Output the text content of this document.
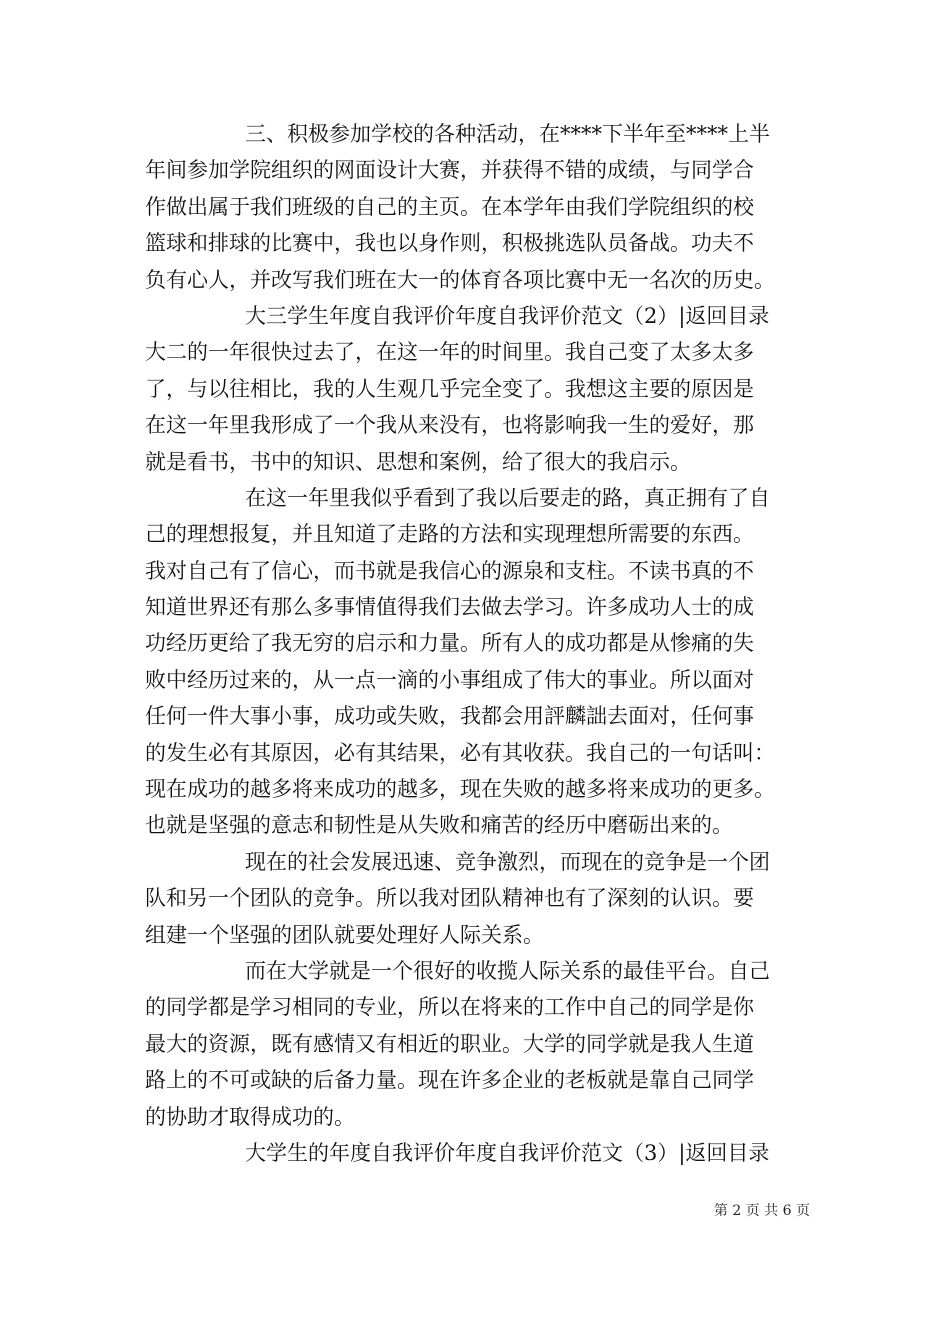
三、积极参加学校的各种活动，在****下半年至****上半
年间参加学院组织的网面设计大赛，并获得不错的成绩，与同学合
作做出属于我们班级的自己的主页。在本学年由我们学院组织的校
篮球和排球的比赛中，我也以身作则，积极挑选队员备战。功夫不
负有心人，并改写我们班在大一的体育各项比赛中无一名次的历史。
大三学生年度自我评价年度自我评价范文（2）|返回目录
大二的一年很快过去了，在这一年的时间里。我自己变了太多太多
了，与以往相比，我的人生观几乎完全变了。我想这主要的原因是
在这一年里我形成了一个我从来没有，也将影响我一生的爱好，那
就是看书，书中的知识、思想和案例，给了很大的我启示。
在这一年里我似乎看到了我以后要走的路，真正拥有了自
己的理想报复，并且知道了走路的方法和实现理想所需要的东西。
我对自己有了信心，而书就是我信心的源泉和支柱。不读书真的不
知道世界还有那么多事情值得我们去做去学习。许多成功人士的成
功经历更给了我无穷的启示和力量。所有人的成功都是从惨痛的失
败中经历过来的，从一点一滴的小事组成了伟大的事业。所以面对
任何一件大事小事，成功或失败，我都会用評麟詘去面对，任何事
的发生必有其原因，必有其结果，必有其收获。我自己的一句话叫：
现在成功的越多将来成功的越多，现在失败的越多将来成功的更多。
也就是坚强的意志和韧性是从失败和痛苦的经历中磨砺出来的。
现在的社会发展迅速、竞争激烈，而现在的竞争是一个团
队和另一个团队的竞争。所以我对团队精神也有了深刻的认识。要
组建一个坚强的团队就要处理好人际关系。
而在大学就是一个很好的收揽人际关系的最佳平台。自己
的同学都是学习相同的专业，所以在将来的工作中自己的同学是你
最大的资源，既有感情又有相近的职业。大学的同学就是我人生道
路上的不可或缺的后备力量。现在许多企业的老板就是靠自己同学
的协助才取得成功的。
大学生的年度自我评价年度自我评价范文（3）|返回目录
第 2 页 共 6 页
